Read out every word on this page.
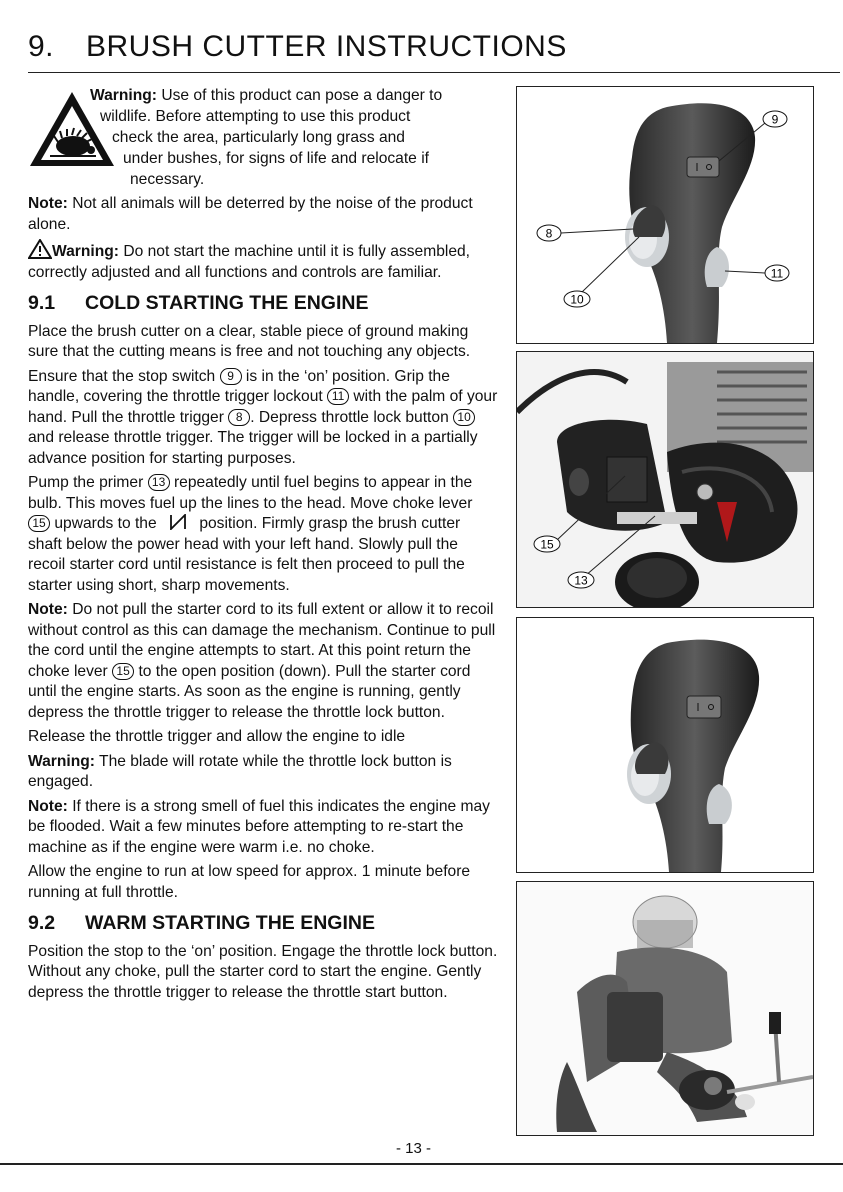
9. BRUSH CUTTER INSTRUCTIONS
Warning: Use of this product can pose a danger to
wildlife. Before attempting to use this product
check the area, particularly long grass and
under bushes, for signs of life and relocate if
necessary.

Note: Not all animals will be deterred by the noise of the product alone.

Warning: Do not start the machine until it is fully assembled, correctly adjusted and all functions and controls are familiar.

9.1 COLD STARTING THE ENGINE

Place the brush cutter on a clear, stable piece of ground making sure that the cutting means is free and not touching any objects.

Ensure that the stop switch 9 is in the ‘on’ position. Grip the handle, covering the throttle trigger lockout 11 with the palm of your hand. Pull the throttle trigger 8 . Depress throttle lock button 10 and release throttle trigger. The trigger will be locked in a partially advance position for starting purposes.

Pump the primer 13 repeatedly until fuel begins to appear in the bulb. This moves fuel up the lines to the head. Move choke lever 15 upwards to the	position. Firmly grasp the brush cutter shaft below the power head with your left hand. Slowly pull the recoil starter cord until resistance is felt then proceed to pull the starter using short, sharp movements.

Note: Do not pull the starter cord to its full extent or allow it to recoil without control as this can damage the mechanism. Continue to pull the cord until the engine attempts to start. At this point return the choke lever 15 to the open position (down). Pull the starter cord until the engine starts. As soon as the engine is running, gently depress the throttle trigger to release the throttle lock button.

Release the throttle trigger and allow the engine to idle

Warning: The blade will rotate while the throttle lock button is engaged.

Note: If there is a strong smell of fuel this indicates the engine may be flooded. Wait a few minutes before attempting to re-start the machine as if the engine were warm i.e. no choke.

Allow the engine to run at low speed for approx. 1 minute before running at full throttle.

9.2 WARM STARTING THE ENGINE

Position the stop to the ‘on’ position. Engage the throttle lock button. Without any choke, pull the starter cord to start the engine. Gently depress the throttle trigger to release the throttle start button.

9
8
11
10
15
13
- 13 -
